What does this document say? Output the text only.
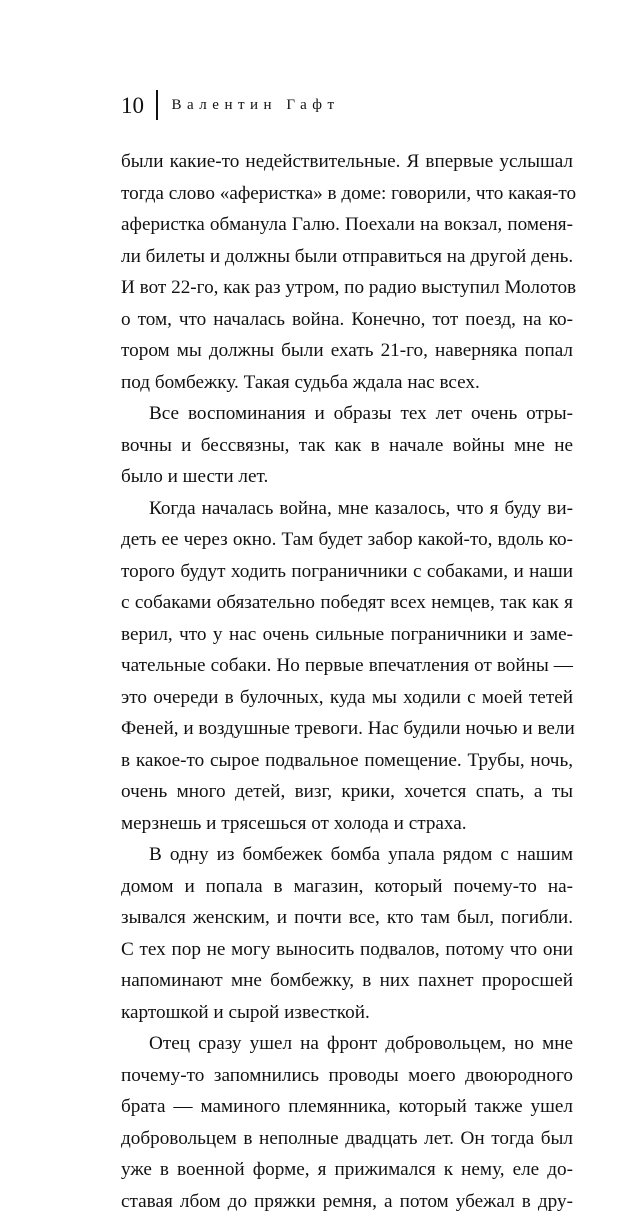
10 Валентин Гафт
были какие-то недействительные. Я впервые услышал
тогда слово «аферистка» в доме: говорили, что какая-то
аферистка обманула Галю. Поехали на вокзал, поменя-
ли билеты и должны были отправиться на другой день.
И вот 22-го, как раз утром, по радио выступил Молотов
о том, что началась война. Конечно, тот поезд, на ко-
тором мы должны были ехать 21-го, наверняка попал
под бомбежку. Такая судьба ждала нас всех.
Все воспоминания и образы тех лет очень отры-
вочны и бессвязны, так как в начале войны мне не
было и шести лет.
Когда началась война, мне казалось, что я буду ви-
деть ее через окно. Там будет забор какой-то, вдоль ко-
торого будут ходить пограничники с собаками, и наши
с собаками обязательно победят всех немцев, так как я
верил, что у нас очень сильные пограничники и заме-
чательные собаки. Но первые впечатления от войны —
это очереди в булочных, куда мы ходили с моей тетей
Феней, и воздушные тревоги. Нас будили ночью и вели
в какое-то сырое подвальное помещение. Трубы, ночь,
очень много детей, визг, крики, хочется спать, а ты
мерзнешь и трясешься от холода и страха.
В одну из бомбежек бомба упала рядом с нашим
домом и попала в магазин, который почему-то на-
зывался женским, и почти все, кто там был, погибли.
С тех пор не могу выносить подвалов, потому что они
напоминают мне бомбежку, в них пахнет проросшей
картошкой и сырой известкой.
Отец сразу ушел на фронт добровольцем, но мне
почему-то запомнились проводы моего двоюродного
брата — маминого племянника, который также ушел
добровольцем в неполные двадцать лет. Он тогда был
уже в военной форме, я прижимался к нему, еле до-
ставая лбом до пряжки ремня, а потом убежал в дру-
